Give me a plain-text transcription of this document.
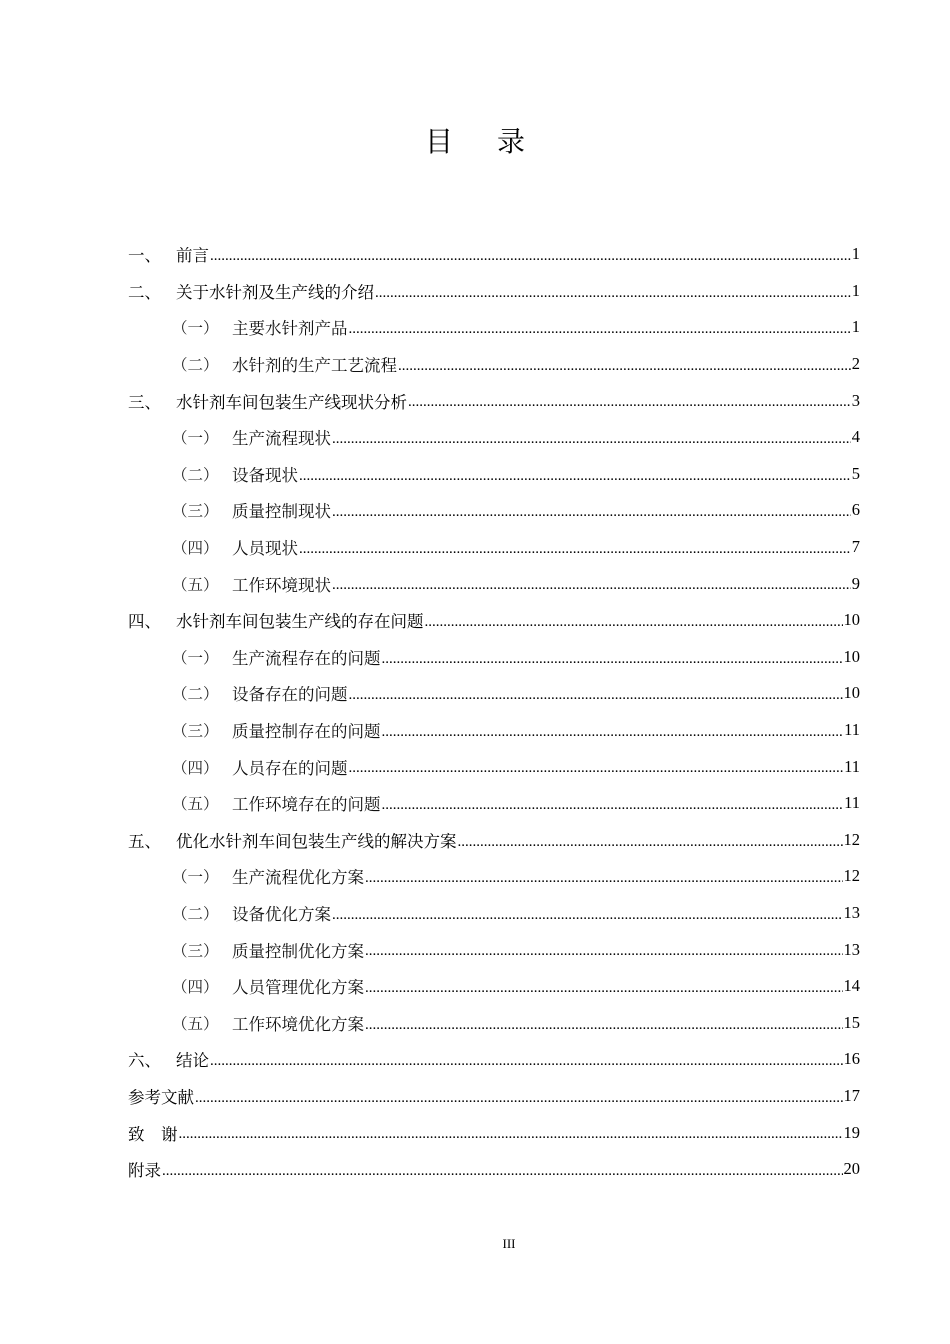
目 录
一、 前言 .....	1
二、 关于水针剂及生产线的介绍 .....	1
（一） 主要水针剂产品 .....	1
（二） 水针剂的生产工艺流程 .....	2
三、 水针剂车间包装生产线现状分析 .....	3
（一） 生产流程现状 .....	4
（二） 设备现状 .....	5
（三） 质量控制现状 .....	6
（四） 人员现状 .....	7
（五） 工作环境现状 .....	9
四、 水针剂车间包装生产线的存在问题 .....	10
（一） 生产流程存在的问题 .....	10
（二） 设备存在的问题 .....	10
（三） 质量控制存在的问题 .....	11
（四） 人员存在的问题 .....	11
（五） 工作环境存在的问题 .....	11
五、 优化水针剂车间包装生产线的解决方案 .....	12
（一） 生产流程优化方案 .....	12
（二） 设备优化方案 .....	13
（三） 质量控制优化方案 .....	13
（四） 人员管理优化方案 .....	14
（五） 工作环境优化方案 .....	15
六、 结论 .....	16
参考文献 .....	17
致　谢 .....	19
附录 .....	20
III
